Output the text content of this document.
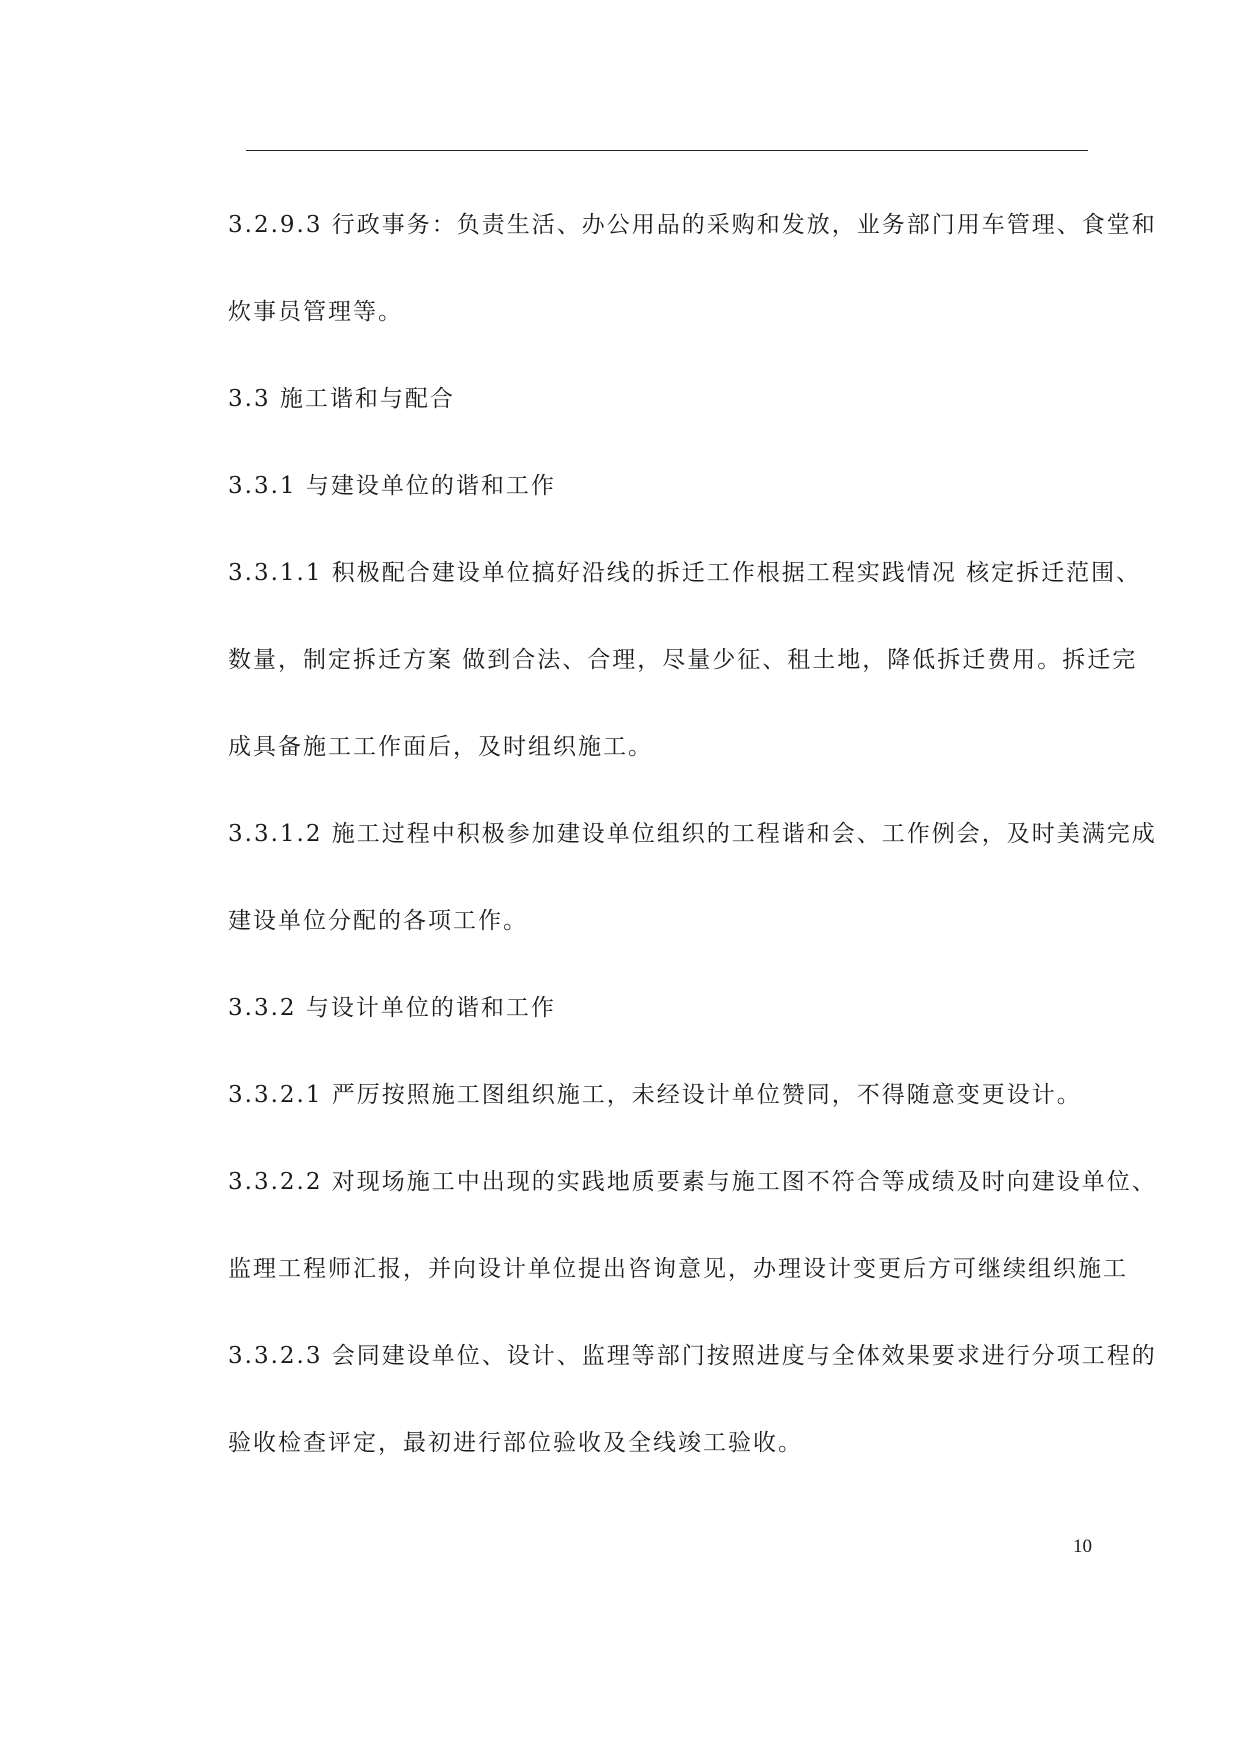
3.2.9.3 行政事务：负责生活、办公用品的采购和发放，业务部门用车管理、食堂和
炊事员管理等。
3.3 施工谐和与配合
3.3.1 与建设单位的谐和工作
3.3.1.1 积极配合建设单位搞好沿线的拆迁工作根据工程实践情况 核定拆迁范围、
数量，制定拆迁方案 做到合法、合理，尽量少征、租土地，降低拆迁费用。拆迁完
成具备施工工作面后，及时组织施工。
3.3.1.2 施工过程中积极参加建设单位组织的工程谐和会、工作例会，及时美满完成
建设单位分配的各项工作。
3.3.2 与设计单位的谐和工作
3.3.2.1 严厉按照施工图组织施工，未经设计单位赞同，不得随意变更设计。
3.3.2.2 对现场施工中出现的实践地质要素与施工图不符合等成绩及时向建设单位、
监理工程师汇报，并向设计单位提出咨询意见，办理设计变更后方可继续组织施工
3.3.2.3 会同建设单位、设计、监理等部门按照进度与全体效果要求进行分项工程的
验收检查评定，最初进行部位验收及全线竣工验收。
10
